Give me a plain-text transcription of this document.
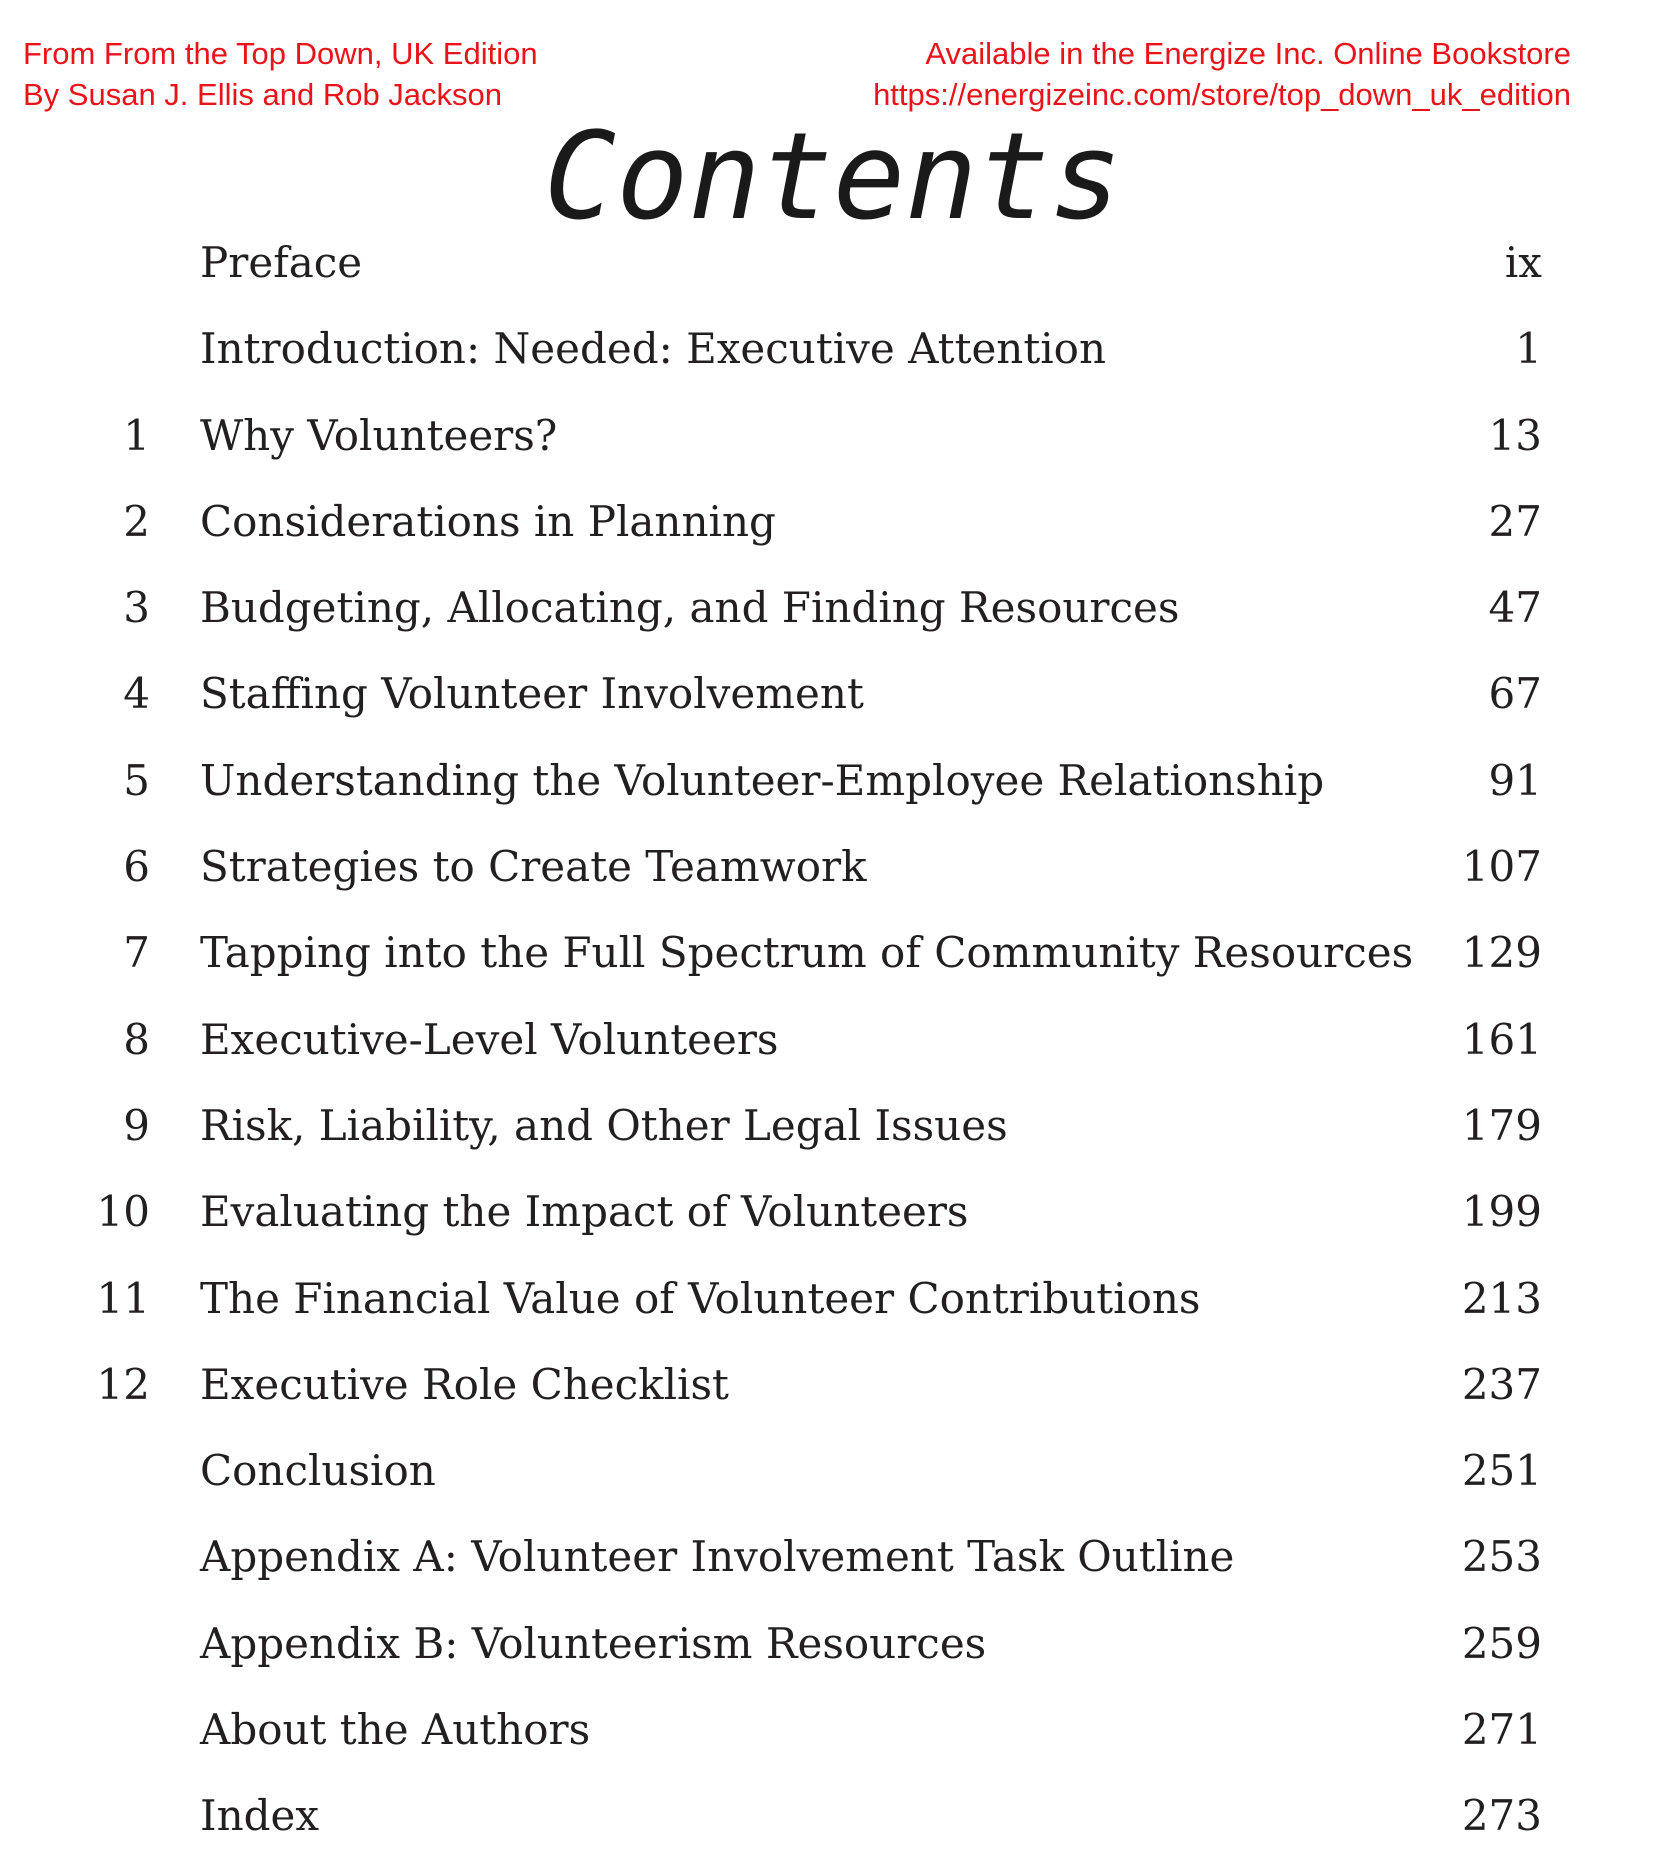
From From the Top Down, UK Edition
By Susan J. Ellis and Rob Jackson
Available in the Energize Inc. Online Bookstore
https://energizeinc.com/store/top_down_uk_edition
Contents
Preface	ix
Introduction: Needed: Executive Attention	1
1 Why Volunteers?	13
2 Considerations in Planning	27
3 Budgeting, Allocating, and Finding Resources	47
4 Staffing Volunteer Involvement	67
5 Understanding the Volunteer-Employee Relationship	91
6 Strategies to Create Teamwork	107
7 Tapping into the Full Spectrum of Community Resources 129
8 Executive-Level Volunteers	161
9 Risk, Liability, and Other Legal Issues	179
10 Evaluating the Impact of Volunteers	199
11 The Financial Value of Volunteer Contributions	213
12 Executive Role Checklist	237
Conclusion	251
Appendix A: Volunteer Involvement Task Outline	253
Appendix B: Volunteerism Resources	259
About the Authors	271
Index	273
